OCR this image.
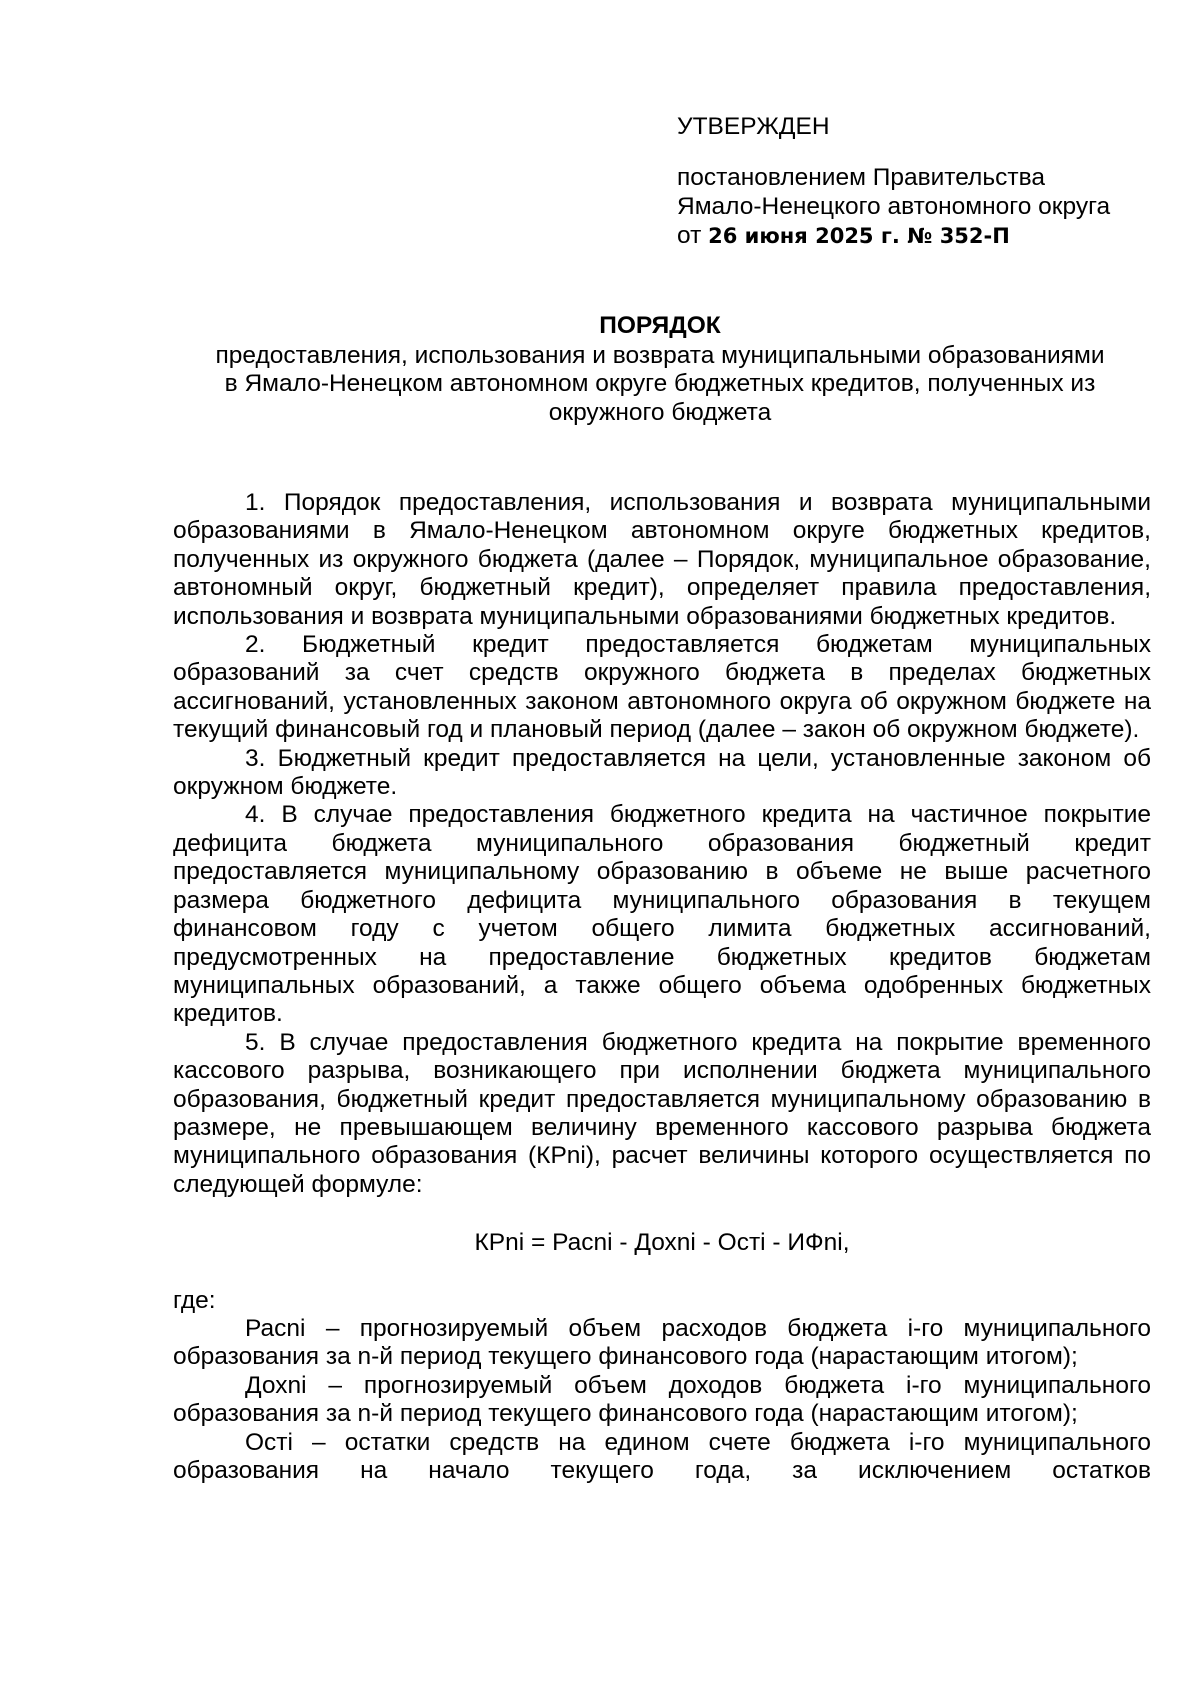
УТВЕРЖДЕН
постановлением Правительства
Ямало-Ненецкого автономного округа
от 26 июня 2025 г. № 352-П
ПОРЯДОК
предоставления, использования и возврата муниципальными образованиями
в Ямало-Ненецком автономном округе бюджетных кредитов, полученных из
окружного бюджета

1. Порядок предоставления, использования и возврата муниципальными образованиями в Ямало-Ненецком автономном округе бюджетных кредитов, полученных из окружного бюджета (далее – Порядок, муниципальное образование, автономный округ, бюджетный кредит), определяет правила предоставления, использования и возврата муниципальными образованиями бюджетных кредитов.

2. Бюджетный кредит предоставляется бюджетам муниципальных образований за счет средств окружного бюджета в пределах бюджетных ассигнований, установленных законом автономного округа об окружном бюджете на текущий финансовый год и плановый период (далее – закон об окружном бюджете).

3. Бюджетный кредит предоставляется на цели, установленные законом об окружном бюджете.

4. В случае предоставления бюджетного кредита на частичное покрытие дефицита бюджета муниципального образования бюджетный кредит предоставляется муниципальному образованию в объеме не выше расчетного размера бюджетного дефицита муниципального образования в текущем финансовом году с учетом общего лимита бюджетных ассигнований, предусмотренных на предоставление бюджетных кредитов бюджетам муниципальных образований, а также общего объема одобренных бюджетных кредитов.

5. В случае предоставления бюджетного кредита на покрытие временного кассового разрыва, возникающего при исполнении бюджета муниципального образования, бюджетный кредит предоставляется муниципальному образованию в размере, не превышающем величину временного кассового разрыва бюджета муниципального образования (КРni), расчет величины которого осуществляется по следующей формуле:

КРni = Расni - Дохni - Остi - ИФni,

где:

Расni – прогнозируемый объем расходов бюджета i-го муниципального образования за n-й период текущего финансового года (нарастающим итогом);

Дохni – прогнозируемый объем доходов бюджета i-го муниципального образования за n-й период текущего финансового года (нарастающим итогом);

Остi – остатки средств на едином счете бюджета i-го муниципального образования на начало текущего года, за исключением остатков
